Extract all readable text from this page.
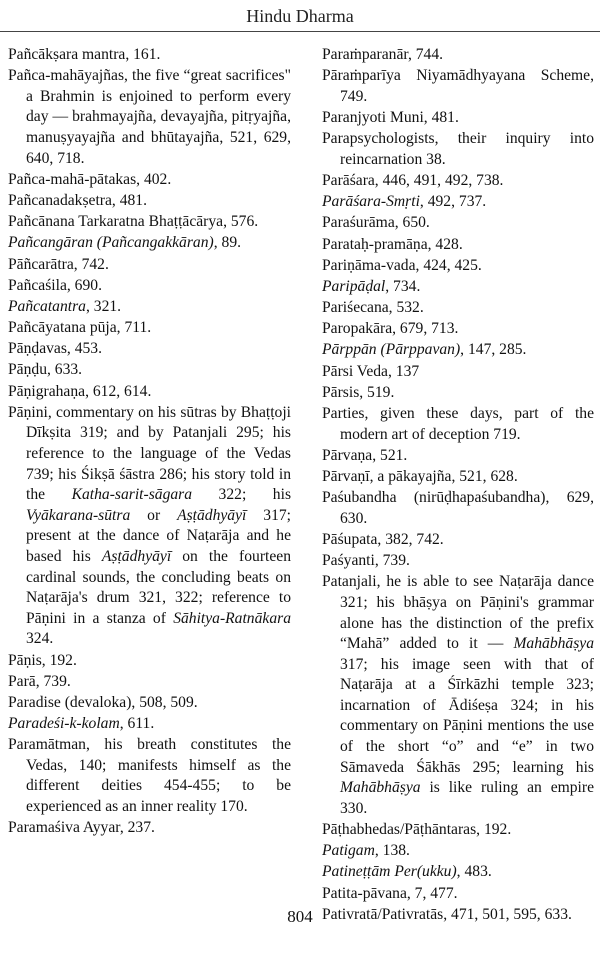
Hindu Dharma
Pañcākṣara mantra, 161.
Pañca-mahāyajñas, the five “great sacrifices" a Brahmin is enjoined to perform every day — brahmayajña, devayajña, pitṛyajña, manuṣyayajña and bhūtayajña, 521, 629, 640, 718.
Pañca-mahā-pātakas, 402.
Pañcanadakṣetra, 481.
Pañcānana Tarkaratna Bhaṭṭācārya, 576.
Pañcangāran (Pañcangakkāran), 89.
Pāñcarātra, 742.
Pañcaśila, 690.
Pañcatantra, 321.
Pañcāyatana pūja, 711.
Pāṇḍavas, 453.
Pāṇḍu, 633.
Pāṇigrahaṇa, 612, 614.
Pāṇini, commentary on his sūtras by Bhaṭṭoji Dīkṣita 319; and by Patanjali 295; his reference to the language of the Vedas 739; his Śikṣā śāstra 286; his story told in the Katha-sarit-sāgara 322; his Vyākarana-sūtra or Aṣṭādhyāyī 317; present at the dance of Naṭarāja and he based his Aṣṭādhyāyī on the fourteen cardinal sounds, the concluding beats on Naṭarāja's drum 321, 322; reference to Pāṇini in a stanza of Sāhitya-Ratnākara 324.
Pāṇis, 192.
Parā, 739.
Paradise (devaloka), 508, 509.
Paradeśi-k-kolam, 611.
Paramātman, his breath constitutes the Vedas, 140; manifests himself as the different deities 454-455; to be experienced as an inner reality 170.
Paramaśiva Ayyar, 237.
Paraṁparanār, 744.
Pāraṁparīya Niyamādhyayana Scheme, 749.
Paranjyoti Muni, 481.
Parapsychologists, their inquiry into reincarnation 38.
Parāśara, 446, 491, 492, 738.
Parāśara-Smṛti, 492, 737.
Paraśurāma, 650.
Parataḥ-pramāṇa, 428.
Pariṇāma-vada, 424, 425.
Paripāḍal, 734.
Pariśecana, 532.
Paropakāra, 679, 713.
Pārppān (Pārppavan), 147, 285.
Pārsi Veda, 137
Pārsis, 519.
Parties, given these days, part of the modern art of deception 719.
Pārvaṇa, 521.
Pārvaṇī, a pākayajña, 521, 628.
Paśubandha (nirūḍhapaśubandha), 629, 630.
Pāśupata, 382, 742.
Paśyanti, 739.
Patanjali, he is able to see Naṭarāja dance 321; his bhāṣya on Pāṇini's grammar alone has the distinction of the prefix “Mahā” added to it — Mahābhāṣya 317; his image seen with that of Naṭarāja at a Śīrkāzhi temple 323; incarnation of Ādiśeṣa 324; in his commentary on Pāṇini mentions the use of the short “o” and “e” in two Sāmaveda Śākhās 295; learning his Mahābhāṣya is like ruling an empire 330.
Pāṭhabhedas/Pāṭhāntaras, 192.
Patigam, 138.
Patineṭṭām Per(ukku), 483.
Patita-pāvana, 7, 477.
Pativratā/Pativratās, 471, 501, 595, 633.
804
